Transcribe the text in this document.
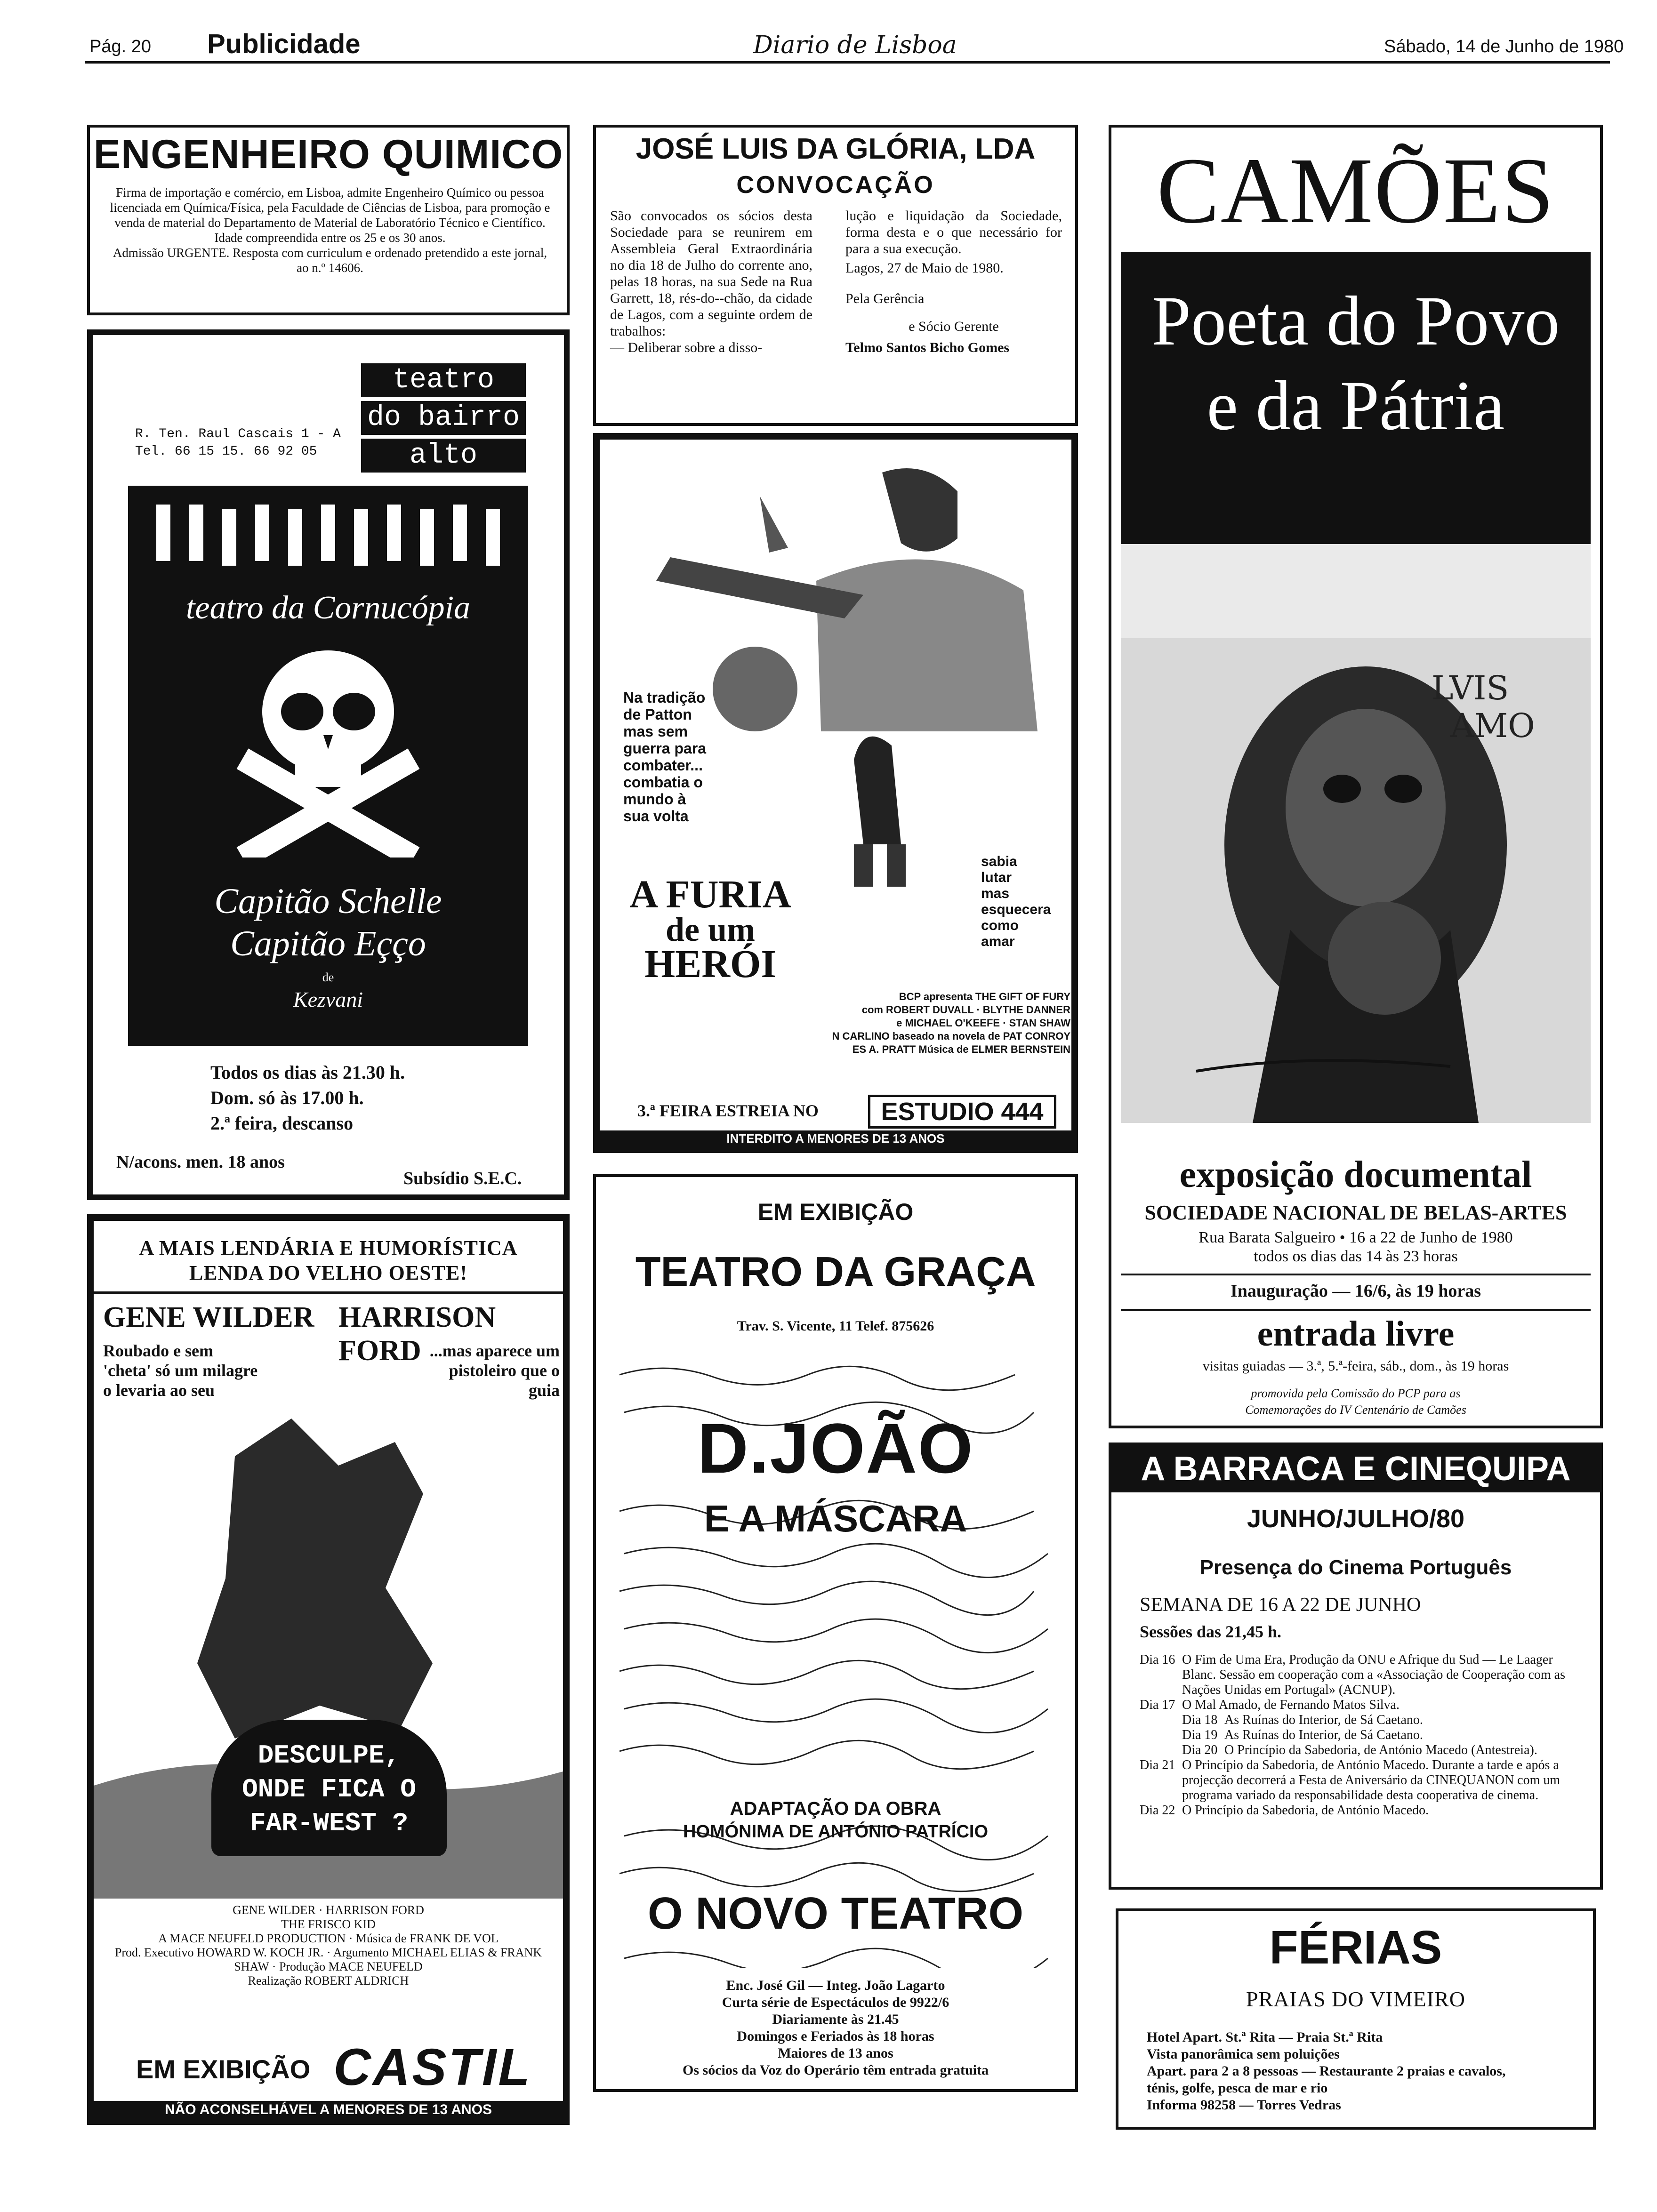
Pág. 20 Publicidade	Diario de Lisboa	Sábado, 14 de Junho de 1980
ENGENHEIRO QUIMICO
Firma de importação e comércio, em Lisboa, admite Engenheiro Químico ou pessoa licenciada em Química/Física, pela Faculdade de Ciências de Lisboa, para promoção e venda de material do Departamento de Material de Laboratório Técnico e Científico.
Idade compreendida entre os 25 e os 30 anos.
Admissão URGENTE. Resposta com curriculum e ordenado pretendido a este jornal, ao n.º 14606.
JOSÉ LUIS DA GLÓRIA, LDA
CONVOCAÇÃO
São convocados os sócios desta Sociedade para se reunirem em Assembleia Geral Extraordinária no dia 18 de Julho do corrente ano, pelas 18 horas, na sua Sede na Rua Garrett, 18, rés-do--chão, da cidade de Lagos, com a seguinte ordem de trabalhos:
— Deliberar sobre a disso-
lução e liquidação da Sociedade, forma desta e o que necessário for para a sua execução.
Lagos, 27 de Maio de 1980.
Pela Gerência
e Sócio Gerente
Telmo Santos Bicho Gomes
CAMÕES
Poeta do Povo
e da Pátria
LVIS
AMO
exposição documental
SOCIEDADE NACIONAL DE BELAS-ARTES
Rua Barata Salgueiro • 16 a 22 de Junho de 1980
todos os dias das 14 às 23 horas
Inauguração — 16/6, às 19 horas
entrada livre
visitas guiadas — 3.ª, 5.ª-feira, sáb., dom., às 19 horas
promovida pela Comissão do PCP para as
Comemorações do IV Centenário de Camões
teatro
do bairro
alto
R. Ten. Raul Cascais 1 - A
Tel. 66 15 15. 66 92 05
teatro da Cornucópia
Capitão Schelle
Capitão Eçço
de
Kezvani
Todos os dias às 21.30 h.
Dom. só às 17.00 h.
2.ª feira, descanso
N/acons. men. 18 anos
Subsídio S.E.C.
Na tradição
de Patton
mas sem
guerra para
combater...
combatia o
mundo à
sua volta
sabia
lutar
mas
esquecera
como
amar
A FURIA
de um
HERÓI
BCP apresenta THE GIFT OF FURY
com ROBERT DUVALL · BLYTHE DANNER
e MICHAEL O'KEEFE · STAN SHAW
N CARLINO baseado na novela de PAT CONROY
ES A. PRATT Música de ELMER BERNSTEIN
3.ª FEIRA ESTREIA NO	ESTUDIO 444
INTERDITO A MENORES DE 13 ANOS
EM EXIBIÇÃO
TEATRO DA GRAÇA
Trav. S. Vicente, 11 Telef. 875626
D.JOÃO
E A MÁSCARA
ADAPTAÇÃO DA OBRA
HOMÓNIMA DE ANTÓNIO PATRÍCIO
O NOVO TEATRO
Enc. José Gil — Integ. João Lagarto
Curta série de Espectáculos de 9922/6
Diariamente às 21.45
Domingos e Feriados às 18 horas
Maiores de 13 anos
Os sócios da Voz do Operário têm entrada gratuita
A MAIS LENDÁRIA E HUMORÍSTICA
LENDA DO VELHO OESTE!
GENE WILDER HARRISON FORD
Roubado e sem 'cheta' só um milagre o levaria ao seu
...mas aparece um pistoleiro que o guia
DESCULPE, ONDE FICA O FAR-WEST ?
GENE WILDER · HARRISON FORD
THE FRISCO KID
A MACE NEUFELD PRODUCTION · Música de FRANK DE VOL
Prod. Executivo HOWARD W. KOCH JR. · Argumento MICHAEL ELIAS & FRANK SHAW · Produção MACE NEUFELD
Realização ROBERT ALDRICH
EM EXIBIÇÃO CASTIL
NÃO ACONSELHÁVEL A MENORES DE 13 ANOS
A BARRACA E CINEQUIPA
JUNHO/JULHO/80
Presença do Cinema Português
SEMANA DE 16 A 22 DE JUNHO
Sessões das 21,45 h.
Dia 16 O Fim de Uma Era, Produção da ONU e Afrique du Sud — Le Laager Blanc. Sessão em cooperação com a «Associação de Cooperação com as Nações Unidas em Portugal» (ACNUP).
Dia 17 O Mal Amado, de Fernando Matos Silva.
Dia 18 As Ruínas do Interior, de Sá Caetano.
Dia 19 As Ruínas do Interior, de Sá Caetano.
Dia 20 O Princípio da Sabedoria, de António Macedo (Antestreia).
Dia 21 O Princípio da Sabedoria, de António Macedo. Durante a tarde e após a projecção decorrerá a Festa de Aniversário da CINEQUANON com um programa variado da responsabilidade desta cooperativa de cinema.
Dia 22 O Princípio da Sabedoria, de António Macedo.
FÉRIAS
PRAIAS DO VIMEIRO
Hotel Apart. St.ª Rita — Praia St.ª Rita
Vista panorâmica sem poluições
Apart. para 2 a 8 pessoas — Restaurante 2 praias e cavalos,
ténis, golfe, pesca de mar e rio
Informa 98258 — Torres Vedras
